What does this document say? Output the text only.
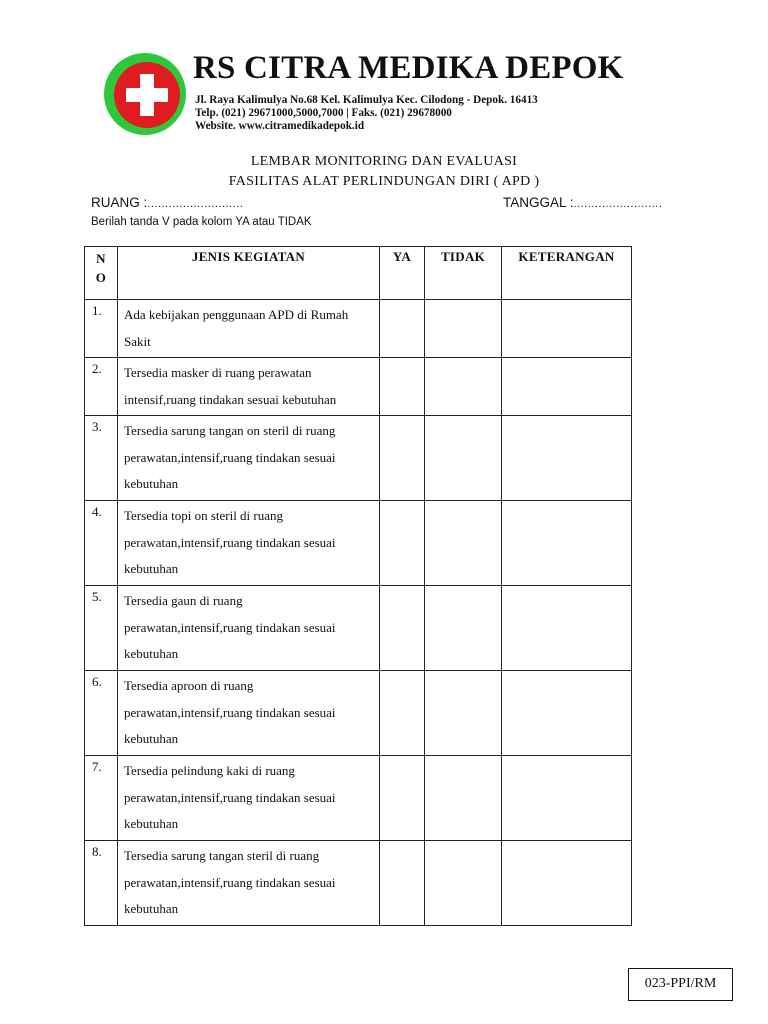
RS CITRA MEDIKA DEPOK
Jl. Raya Kalimulya No.68 Kel. Kalimulya Kec. Cilodong - Depok. 16413
Telp. (021) 29671000,5000,7000 | Faks. (021) 29678000
Website. www.citramedikadepok.id
LEMBAR MONITORING DAN EVALUASI
FASILITAS ALAT PERLINDUNGAN DIRI ( APD )
RUANG :...........................	TANGGAL :.........................
Berilah tanda V pada kolom YA atau TIDAK
N
O	JENIS KEGIATAN	YA	TIDAK	KETERANGAN
1.	Ada kebijakan penggunaan APD di Rumah Sakit			
2.	Tersedia masker di ruang perawatan intensif,ruang tindakan sesuai kebutuhan			
3.	Tersedia sarung tangan on steril di ruang perawatan,intensif,ruang tindakan sesuai kebutuhan			
4.	Tersedia topi on steril di ruang perawatan,intensif,ruang tindakan sesuai kebutuhan			
5.	Tersedia gaun di ruang perawatan,intensif,ruang tindakan sesuai kebutuhan			
6.	Tersedia aproon di ruang perawatan,intensif,ruang tindakan sesuai kebutuhan			
7.	Tersedia pelindung kaki di ruang perawatan,intensif,ruang tindakan sesuai kebutuhan			
8.	Tersedia sarung tangan steril di ruang perawatan,intensif,ruang tindakan sesuai kebutuhan			
023-PPI/RM
